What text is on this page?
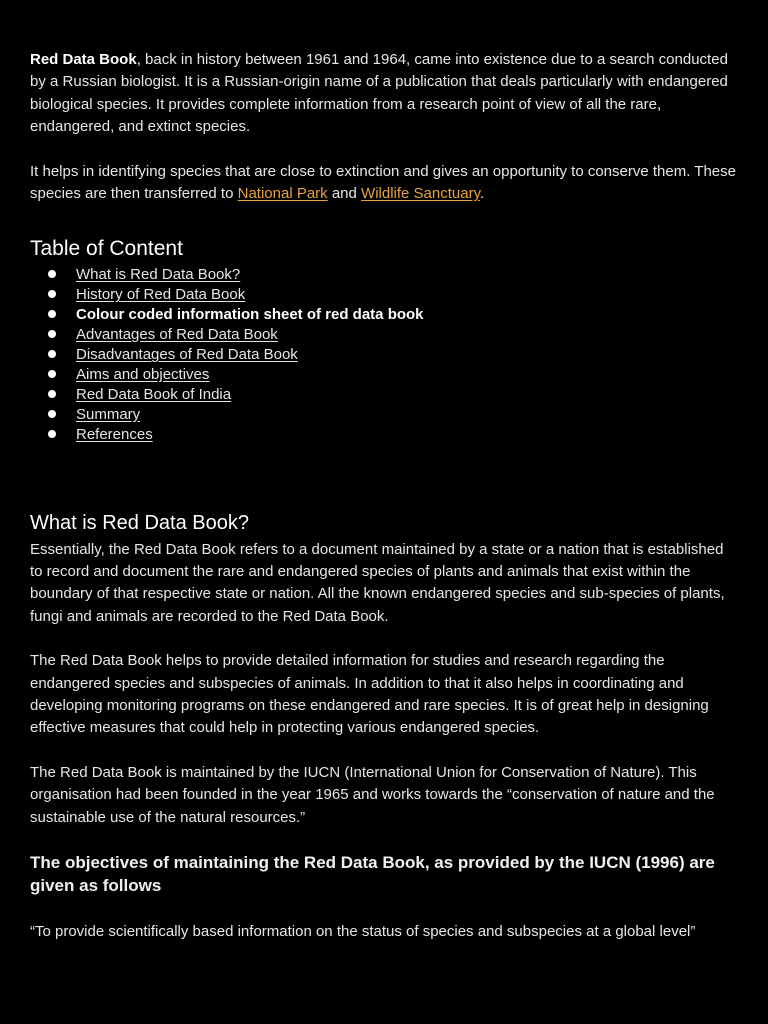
Red Data Book, back in history between 1961 and 1964, came into existence due to a search conducted by a Russian biologist. It is a Russian-origin name of a publication that deals particularly with endangered biological species. It provides complete information from a research point of view of all the rare, endangered, and extinct species.

It helps in identifying species that are close to extinction and gives an opportunity to conserve them. These species are then transferred to National Park and Wildlife Sanctuary.

Table of Content
What is Red Data Book?
History of Red Data Book
Colour coded information sheet of red data book
Advantages of Red Data Book
Disadvantages of Red Data Book
Aims and objectives
Red Data Book of India
Summary
References
What is Red Data Book?

Essentially, the Red Data Book refers to a document maintained by a state or a nation that is established to record and document the rare and endangered species of plants and animals that exist within the boundary of that respective state or nation. All the known endangered species and sub-species of plants, fungi and animals are recorded to the Red Data Book.

The Red Data Book helps to provide detailed information for studies and research regarding the endangered species and subspecies of animals. In addition to that it also helps in coordinating and developing monitoring programs on these endangered and rare species. It is of great help in designing effective measures that could help in protecting various endangered species.

The Red Data Book is maintained by the IUCN (International Union for Conservation of Nature). This organisation had been founded in the year 1965 and works towards the “conservation of nature and the sustainable use of the natural resources.”

The objectives of maintaining the Red Data Book, as provided by the IUCN (1996) are given as follows

“To provide scientifically based information on the status of species and subspecies at a global level”
